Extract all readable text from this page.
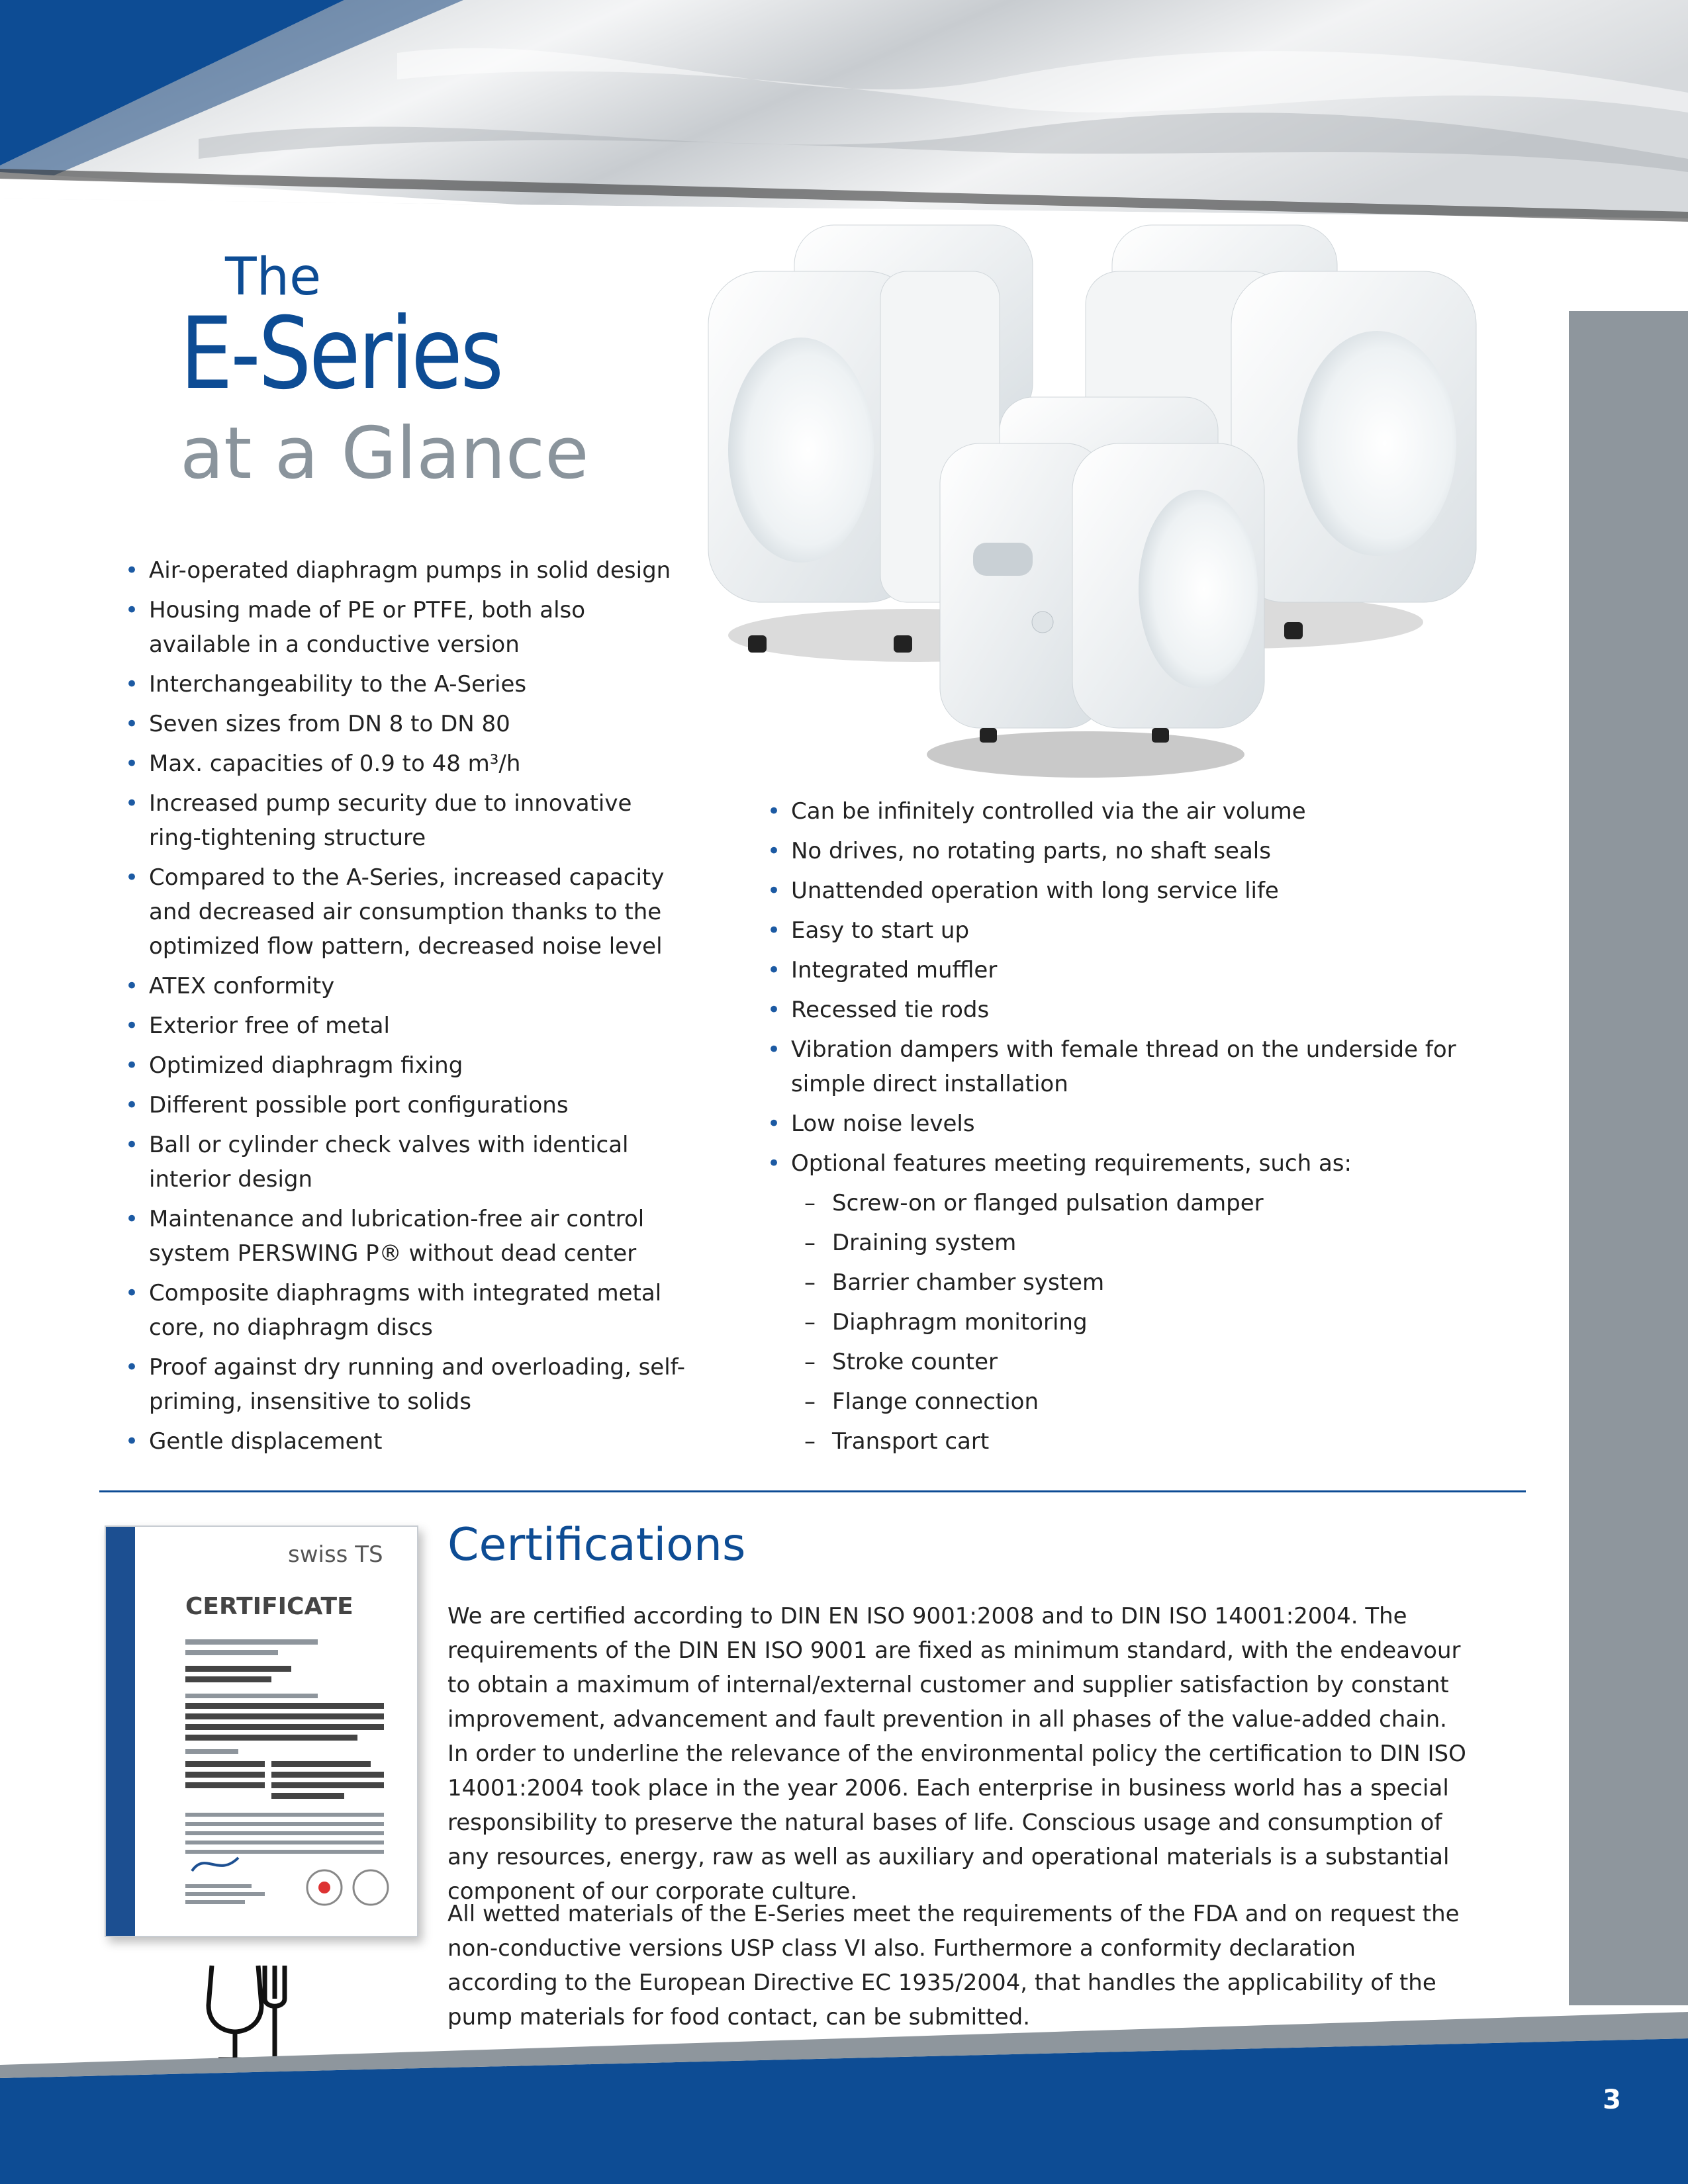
The
E-Series
at a Glance
• Air-operated diaphragm pumps in solid design
• Housing made of PE or PTFE, both also available in a conductive version
• Interchangeability to the A-Series
• Seven sizes from DN 8 to DN 80
• Max. capacities of 0.9 to 48 m³/h
• Increased pump security due to innovative ring-tightening structure
• Compared to the A-Series, increased capacity and decreased air consumption thanks to the optimized flow pattern, decreased noise level
• ATEX conformity
• Exterior free of metal
• Optimized diaphragm fixing
• Different possible port configurations
• Ball or cylinder check valves with identical interior design
• Maintenance and lubrication-free air control system PERSWING P® without dead center
• Composite diaphragms with integrated metal core, no diaphragm discs
• Proof against dry running and overloading, self-priming, insensitive to solids
• Gentle displacement
• Can be infinitely controlled via the air volume
• No drives, no rotating parts, no shaft seals
• Unattended operation with long service life
• Easy to start up
• Integrated muffler
• Recessed tie rods
• Vibration dampers with female thread on the underside for simple direct installation
• Low noise levels
• Optional features meeting requirements, such as:
– Screw-on or flanged pulsation damper
– Draining system
– Barrier chamber system
– Diaphragm monitoring
– Stroke counter
– Flange connection
– Transport cart
swiss TS
CERTIFICATE
Certifications
We are certified according to DIN EN ISO 9001:2008 and to DIN ISO 14001:2004. The requirements of the DIN EN ISO 9001 are fixed as minimum standard, with the endeavour to obtain a maximum of internal/external customer and supplier satisfaction by constant improvement, advancement and fault prevention in all phases of the value-added chain. In order to underline the relevance of the environmental policy the certification to DIN ISO 14001:2004 took place in the year 2006. Each enterprise in business world has a special responsibility to preserve the natural bases of life. Conscious usage and consumption of any resources, energy, raw as well as auxiliary and operational materials is a substantial component of our corporate culture.
All wetted materials of the E-Series meet the requirements of the FDA and on request the non-conductive versions USP class VI also. Furthermore a conformity declaration according to the European Directive EC 1935/2004, that handles the applicability of the pump materials for food contact, can be submitted.
3
